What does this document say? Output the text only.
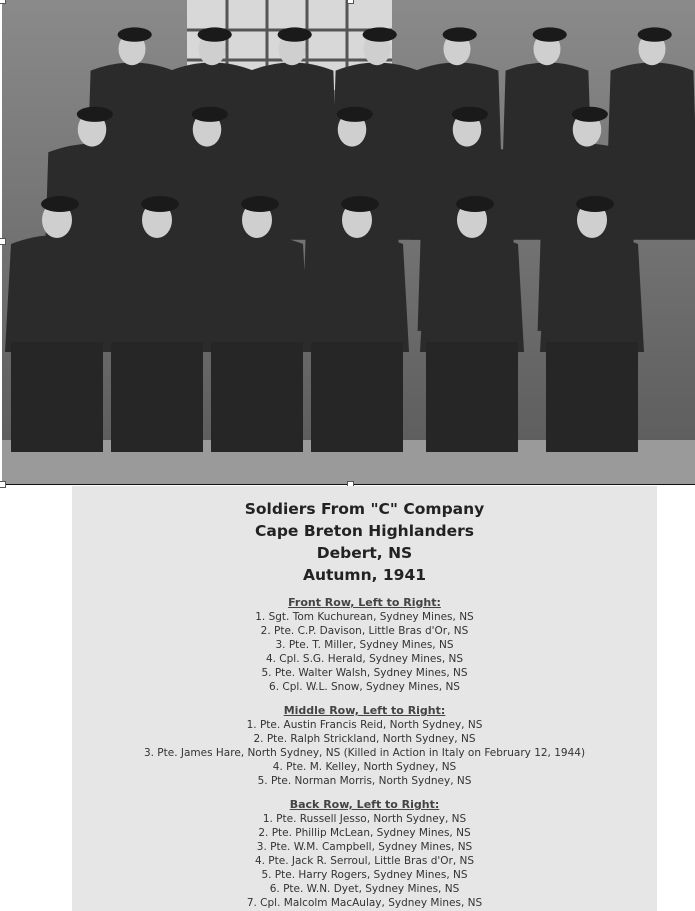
Soldiers From "C" Company
Cape Breton Highlanders
Debert, NS
Autumn, 1941
Front Row, Left to Right:
1. Sgt. Tom Kuchurean, Sydney Mines, NS
2. Pte. C.P. Davison, Little Bras d'Or, NS
3. Pte. T. Miller, Sydney Mines, NS
4. Cpl. S.G. Herald, Sydney Mines, NS
5. Pte. Walter Walsh, Sydney Mines, NS
6. Cpl. W.L. Snow, Sydney Mines, NS
Middle Row, Left to Right:
1. Pte. Austin Francis Reid, North Sydney, NS
2. Pte. Ralph Strickland, North Sydney, NS
3. Pte. James Hare, North Sydney, NS (Killed in Action in Italy on February 12, 1944)
4. Pte. M. Kelley, North Sydney, NS
5. Pte. Norman Morris, North Sydney, NS
Back Row, Left to Right:
1. Pte. Russell Jesso, North Sydney, NS
2. Pte. Phillip McLean, Sydney Mines, NS
3. Pte. W.M. Campbell, Sydney Mines, NS
4. Pte. Jack R. Serroul, Little Bras d'Or, NS
5. Pte. Harry Rogers, Sydney Mines, NS
6. Pte. W.N. Dyet, Sydney Mines, NS
7. Cpl. Malcolm MacAulay, Sydney Mines, NS
